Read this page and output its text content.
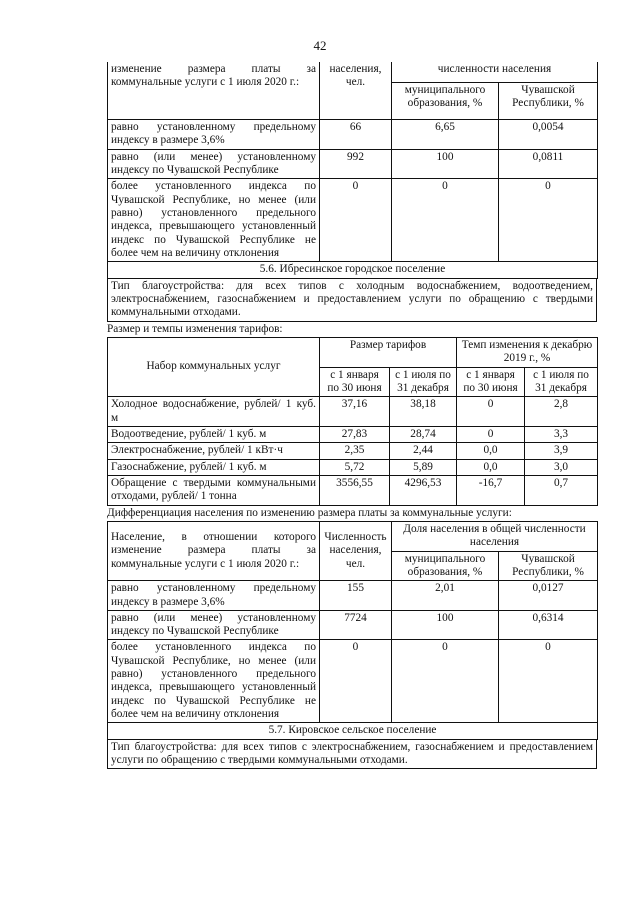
42
изменение размера платы за коммунальные услуги с 1 июля 2020 г.:	населения, чел.	численности населения	
		муниципального образования, %	Чувашской Республики, %
равно установленному предельному индексу в размере 3,6%	66	6,65	0,0054
равно (или менее) установленному индексу по Чувашской Республике	992	100	0,0811
более установленного индекса по Чувашской Республике, но менее (или равно) установленного предельного индекса, превышающего установленный индекс по Чувашской Республике не более чем на величину отклонения	0	0	0
5.6. Ибресинское городское поселение			
Тип благоустройства: для всех типов с холодным водоснабжением, водоотведением, электроснабжением, газоснабжением и предоставлением услуги по обращению с твердыми коммунальными отходами.
Размер и темпы изменения тарифов:
Набор коммунальных услуг	Размер тарифов		Темп изменения к декабрю 2019 г., %	
	с 1 января по 30 июня	с 1 июля по 31 декабря	с 1 января по 30 июня	с 1 июля по 31 декабря
Холодное водоснабжение, рублей/ 1 куб. м	37,16	38,18	0	2,8
Водоотведение, рублей/ 1 куб. м	27,83	28,74	0	3,3
Электроснабжение, рублей/ 1 кВт·ч	2,35	2,44	0,0	3,9
Газоснабжение, рублей/ 1 куб. м	5,72	5,89	0,0	3,0
Обращение с твердыми коммунальными отходами, рублей/ 1 тонна	3556,55	4296,53	-16,7	0,7
Дифференциация населения по изменению размера платы за коммунальные услуги:
Население, в отношении которого изменение размера платы за коммунальные услуги с 1 июля 2020 г.:	Численность населения, чел.	Доля населения в общей численности населения	
		муниципального образования, %	Чувашской Республики, %
равно установленному предельному индексу в размере 3,6%	155	2,01	0,0127
равно (или менее) установленному индексу по Чувашской Республике	7724	100	0,6314
более установленного индекса по Чувашской Республике, но менее (или равно) установленного предельного индекса, превышающего установленный индекс по Чувашской Республике не более чем на величину отклонения	0	0	0
5.7. Кировское сельское поселение			
Тип благоустройства: для всех типов с электроснабжением, газоснабжением и предоставлением услуги по обращению с твердыми коммунальными отходами.
